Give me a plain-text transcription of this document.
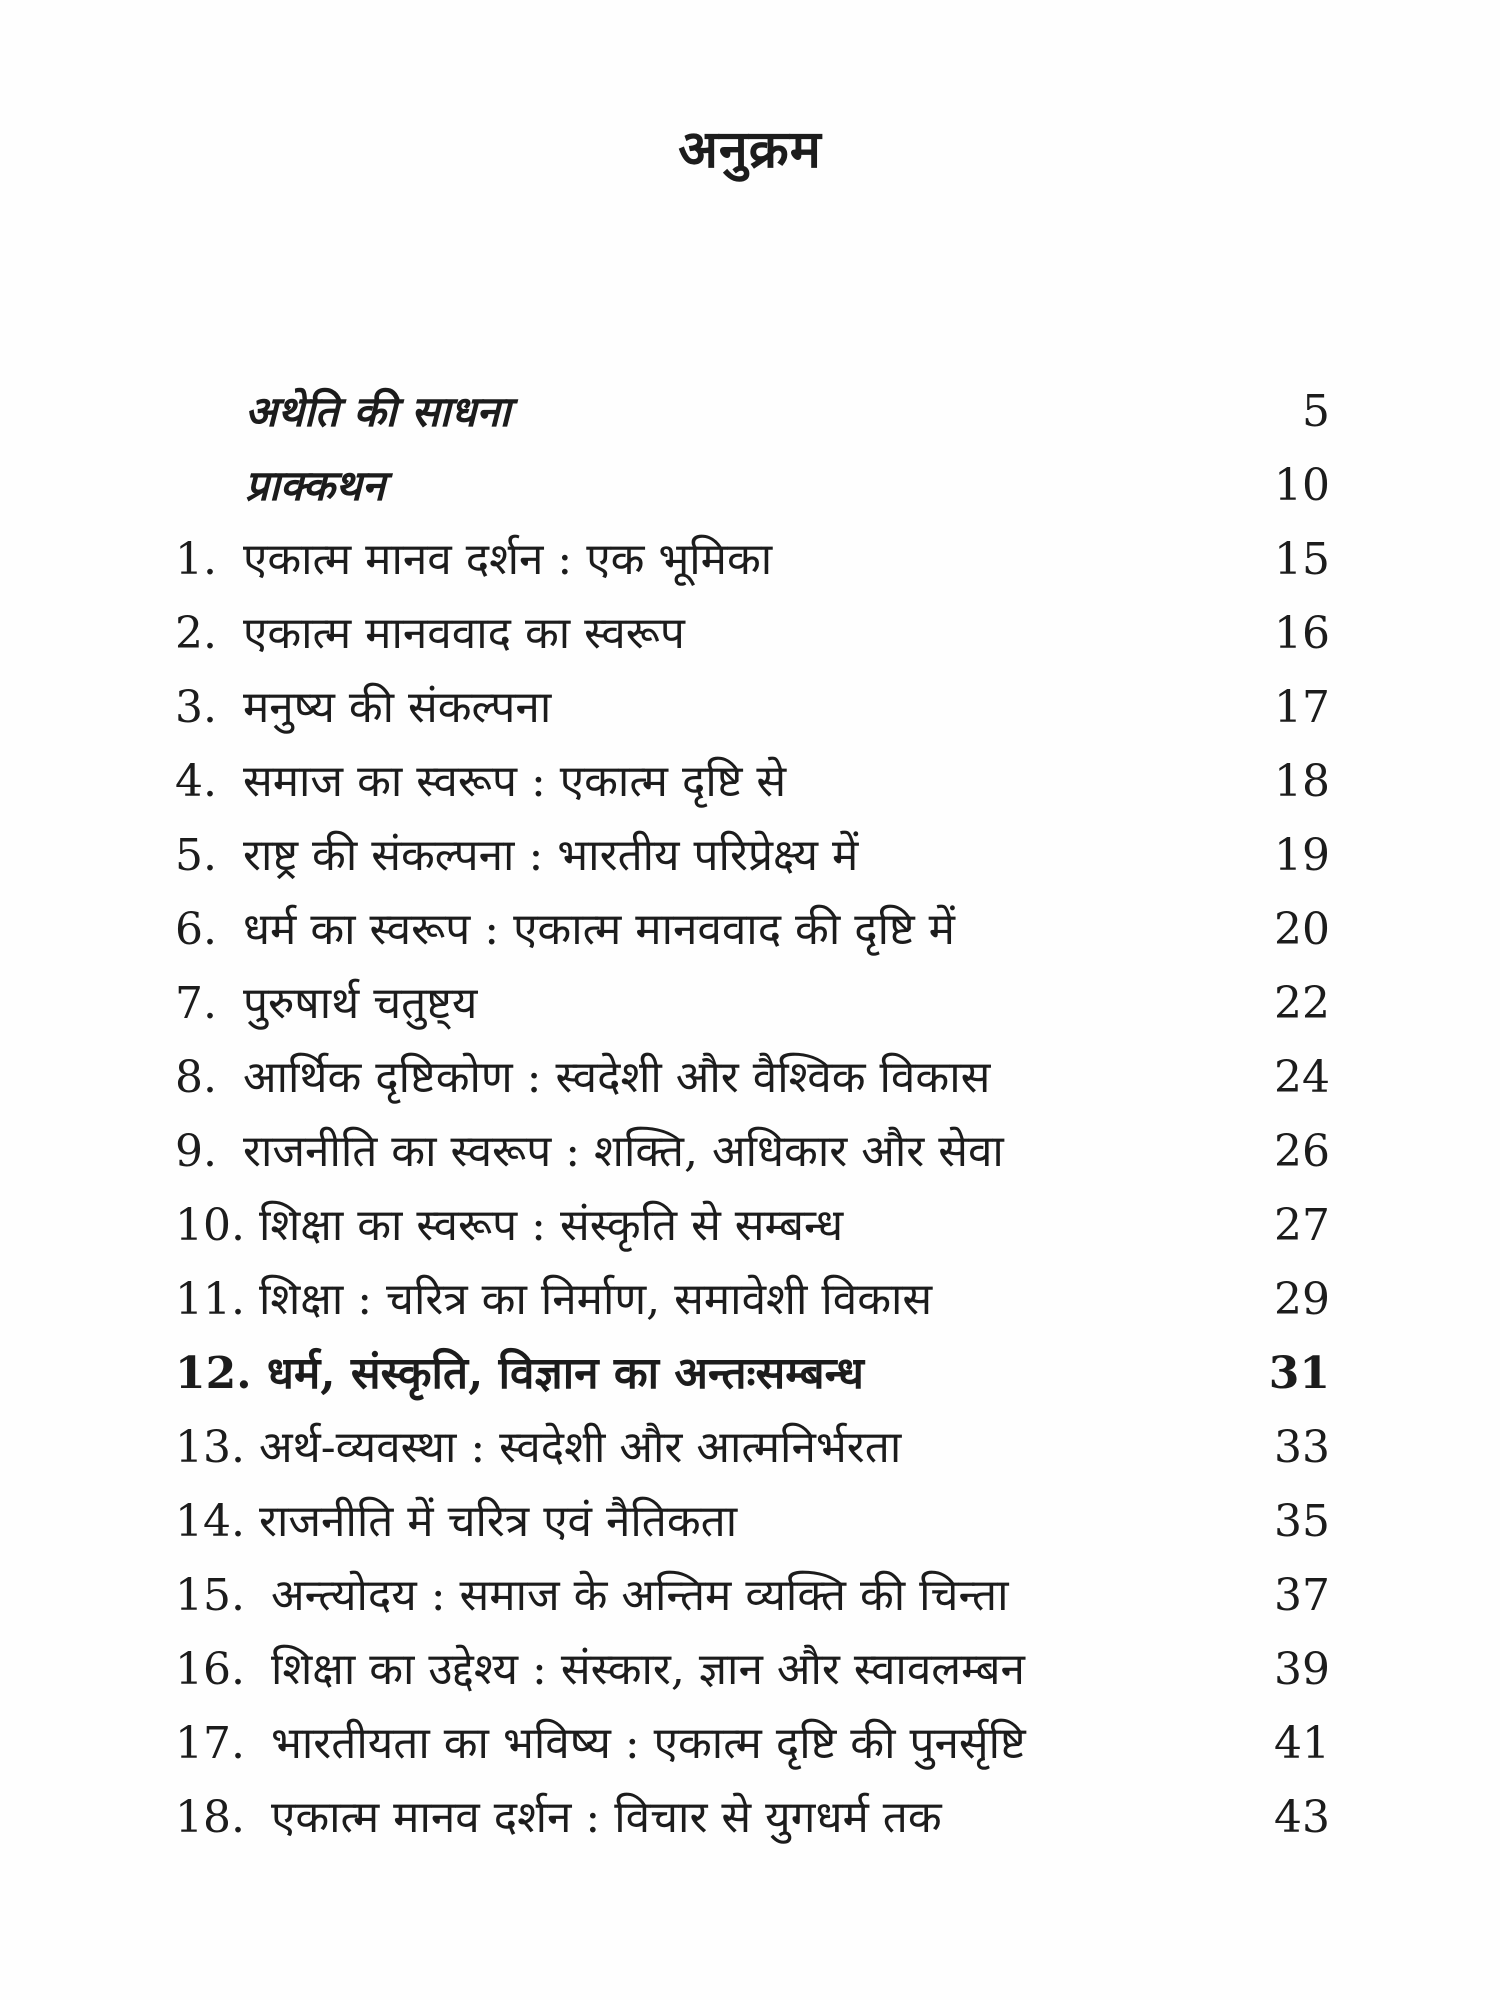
अनुक्रम
अथेति की साधना	5
प्राक्कथन	10
1. एकात्म मानव दर्शन : एक भूमिका	15
2. एकात्म मानववाद का स्वरूप	16
3. मनुष्य की संकल्पना	17
4. समाज का स्वरूप : एकात्म दृष्टि से	18
5. राष्ट्र की संकल्पना : भारतीय परिप्रेक्ष्य में	19
6. धर्म का स्वरूप : एकात्म मानववाद की दृष्टि में	20
7. पुरुषार्थ चतुष्ट्य	22
8. आर्थिक दृष्टिकोण : स्वदेशी और वैश्विक विकास	24
9. राजनीति का स्वरूप : शक्ति, अधिकार और सेवा	26
10. शिक्षा का स्वरूप : संस्कृति से सम्बन्ध	27
11. शिक्षा : चरित्र का निर्माण, समावेशी विकास	29
12. धर्म, संस्कृति, विज्ञान का अन्तःसम्बन्ध	31
13. अर्थ-व्यवस्था : स्वदेशी और आत्मनिर्भरता	33
14. राजनीति में चरित्र एवं नैतिकता	35
15. अन्त्योदय : समाज के अन्तिम व्यक्ति की चिन्ता	37
16. शिक्षा का उद्देश्य : संस्कार, ज्ञान और स्वावलम्बन	39
17. भारतीयता का भविष्य : एकात्म दृष्टि की पुनर्सृष्टि	41
18. एकात्म मानव दर्शन : विचार से युगधर्म तक	43
